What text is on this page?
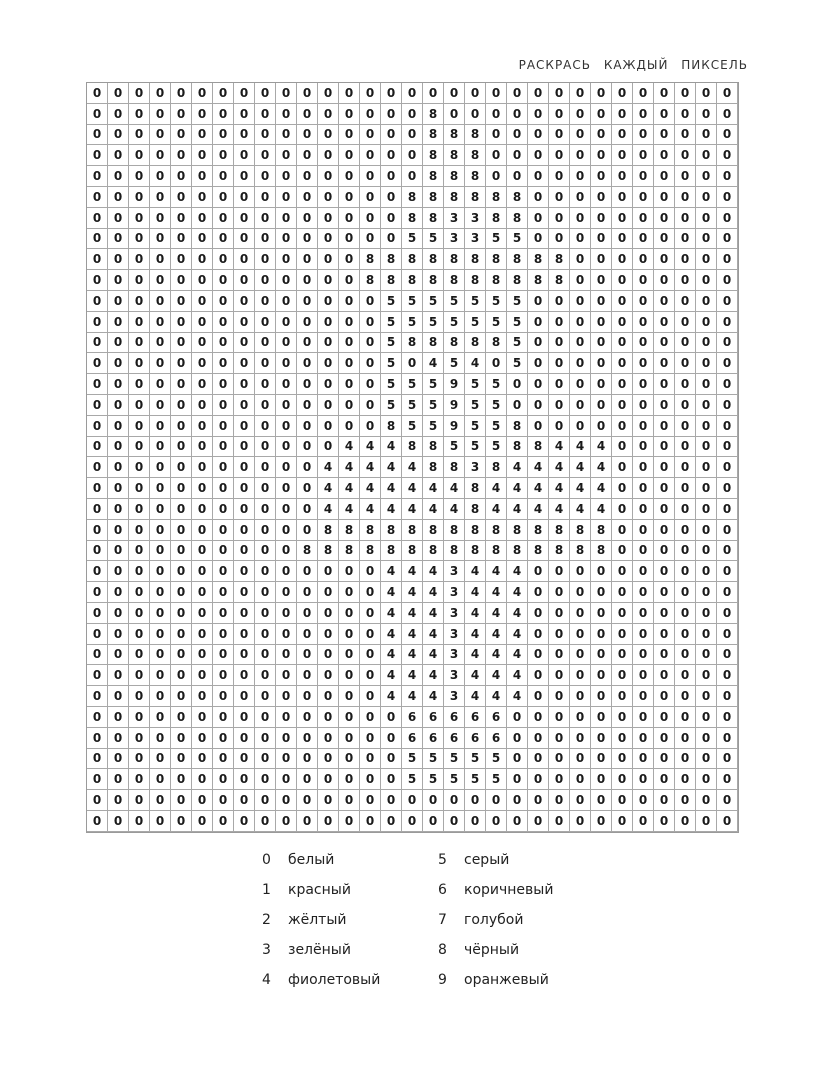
РАСКРАСЬ КАЖДЫЙ ПИКСЕЛЬ
0	0	0	0	0	0	0	0	0	0	0	0	0	0	0	0	0	0	0	0	0	0	0	0	0	0	0	0	0	0	0
0	0	0	0	0	0	0	0	0	0	0	0	0	0	0	0	8	0	0	0	0	0	0	0	0	0	0	0	0	0	0
0	0	0	0	0	0	0	0	0	0	0	0	0	0	0	0	8	8	8	0	0	0	0	0	0	0	0	0	0	0	0
0	0	0	0	0	0	0	0	0	0	0	0	0	0	0	0	8	8	8	0	0	0	0	0	0	0	0	0	0	0	0
0	0	0	0	0	0	0	0	0	0	0	0	0	0	0	0	8	8	8	0	0	0	0	0	0	0	0	0	0	0	0
0	0	0	0	0	0	0	0	0	0	0	0	0	0	0	8	8	8	8	8	8	0	0	0	0	0	0	0	0	0	0
0	0	0	0	0	0	0	0	0	0	0	0	0	0	0	8	8	3	3	8	8	0	0	0	0	0	0	0	0	0	0
0	0	0	0	0	0	0	0	0	0	0	0	0	0	0	5	5	3	3	5	5	0	0	0	0	0	0	0	0	0	0
0	0	0	0	0	0	0	0	0	0	0	0	0	8	8	8	8	8	8	8	8	8	8	0	0	0	0	0	0	0	0
0	0	0	0	0	0	0	0	0	0	0	0	0	8	8	8	8	8	8	8	8	8	8	0	0	0	0	0	0	0	0
0	0	0	0	0	0	0	0	0	0	0	0	0	0	5	5	5	5	5	5	5	0	0	0	0	0	0	0	0	0	0
0	0	0	0	0	0	0	0	0	0	0	0	0	0	5	5	5	5	5	5	5	0	0	0	0	0	0	0	0	0	0
0	0	0	0	0	0	0	0	0	0	0	0	0	0	5	8	8	8	8	8	5	0	0	0	0	0	0	0	0	0	0
0	0	0	0	0	0	0	0	0	0	0	0	0	0	5	0	4	5	4	0	5	0	0	0	0	0	0	0	0	0	0
0	0	0	0	0	0	0	0	0	0	0	0	0	0	5	5	5	9	5	5	0	0	0	0	0	0	0	0	0	0	0
0	0	0	0	0	0	0	0	0	0	0	0	0	0	5	5	5	9	5	5	0	0	0	0	0	0	0	0	0	0	0
0	0	0	0	0	0	0	0	0	0	0	0	0	0	8	5	5	9	5	5	8	0	0	0	0	0	0	0	0	0	0
0	0	0	0	0	0	0	0	0	0	0	0	4	4	4	8	8	5	5	5	8	8	4	4	4	0	0	0	0	0	0
0	0	0	0	0	0	0	0	0	0	0	4	4	4	4	4	8	8	3	8	4	4	4	4	4	0	0	0	0	0	0
0	0	0	0	0	0	0	0	0	0	0	4	4	4	4	4	4	4	8	4	4	4	4	4	4	0	0	0	0	0	0
0	0	0	0	0	0	0	0	0	0	0	4	4	4	4	4	4	4	8	4	4	4	4	4	4	0	0	0	0	0	0
0	0	0	0	0	0	0	0	0	0	0	8	8	8	8	8	8	8	8	8	8	8	8	8	8	0	0	0	0	0	0
0	0	0	0	0	0	0	0	0	0	8	8	8	8	8	8	8	8	8	8	8	8	8	8	8	0	0	0	0	0	0
0	0	0	0	0	0	0	0	0	0	0	0	0	0	4	4	4	3	4	4	4	0	0	0	0	0	0	0	0	0	0
0	0	0	0	0	0	0	0	0	0	0	0	0	0	4	4	4	3	4	4	4	0	0	0	0	0	0	0	0	0	0
0	0	0	0	0	0	0	0	0	0	0	0	0	0	4	4	4	3	4	4	4	0	0	0	0	0	0	0	0	0	0
0	0	0	0	0	0	0	0	0	0	0	0	0	0	4	4	4	3	4	4	4	0	0	0	0	0	0	0	0	0	0
0	0	0	0	0	0	0	0	0	0	0	0	0	0	4	4	4	3	4	4	4	0	0	0	0	0	0	0	0	0	0
0	0	0	0	0	0	0	0	0	0	0	0	0	0	4	4	4	3	4	4	4	0	0	0	0	0	0	0	0	0	0
0	0	0	0	0	0	0	0	0	0	0	0	0	0	4	4	4	3	4	4	4	0	0	0	0	0	0	0	0	0	0
0	0	0	0	0	0	0	0	0	0	0	0	0	0	0	6	6	6	6	6	0	0	0	0	0	0	0	0	0	0	0
0	0	0	0	0	0	0	0	0	0	0	0	0	0	0	6	6	6	6	6	0	0	0	0	0	0	0	0	0	0	0
0	0	0	0	0	0	0	0	0	0	0	0	0	0	0	5	5	5	5	5	0	0	0	0	0	0	0	0	0	0	0
0	0	0	0	0	0	0	0	0	0	0	0	0	0	0	5	5	5	5	5	0	0	0	0	0	0	0	0	0	0	0
0	0	0	0	0	0	0	0	0	0	0	0	0	0	0	0	0	0	0	0	0	0	0	0	0	0	0	0	0	0	0
0	0	0	0	0	0	0	0	0	0	0	0	0	0	0	0	0	0	0	0	0	0	0	0	0	0	0	0	0	0	0
0	белый	5	серый
1	красный	6	коричневый
2	жёлтый	7	голубой
3	зелёный	8	чёрный
4	фиолетовый	9	оранжевый
